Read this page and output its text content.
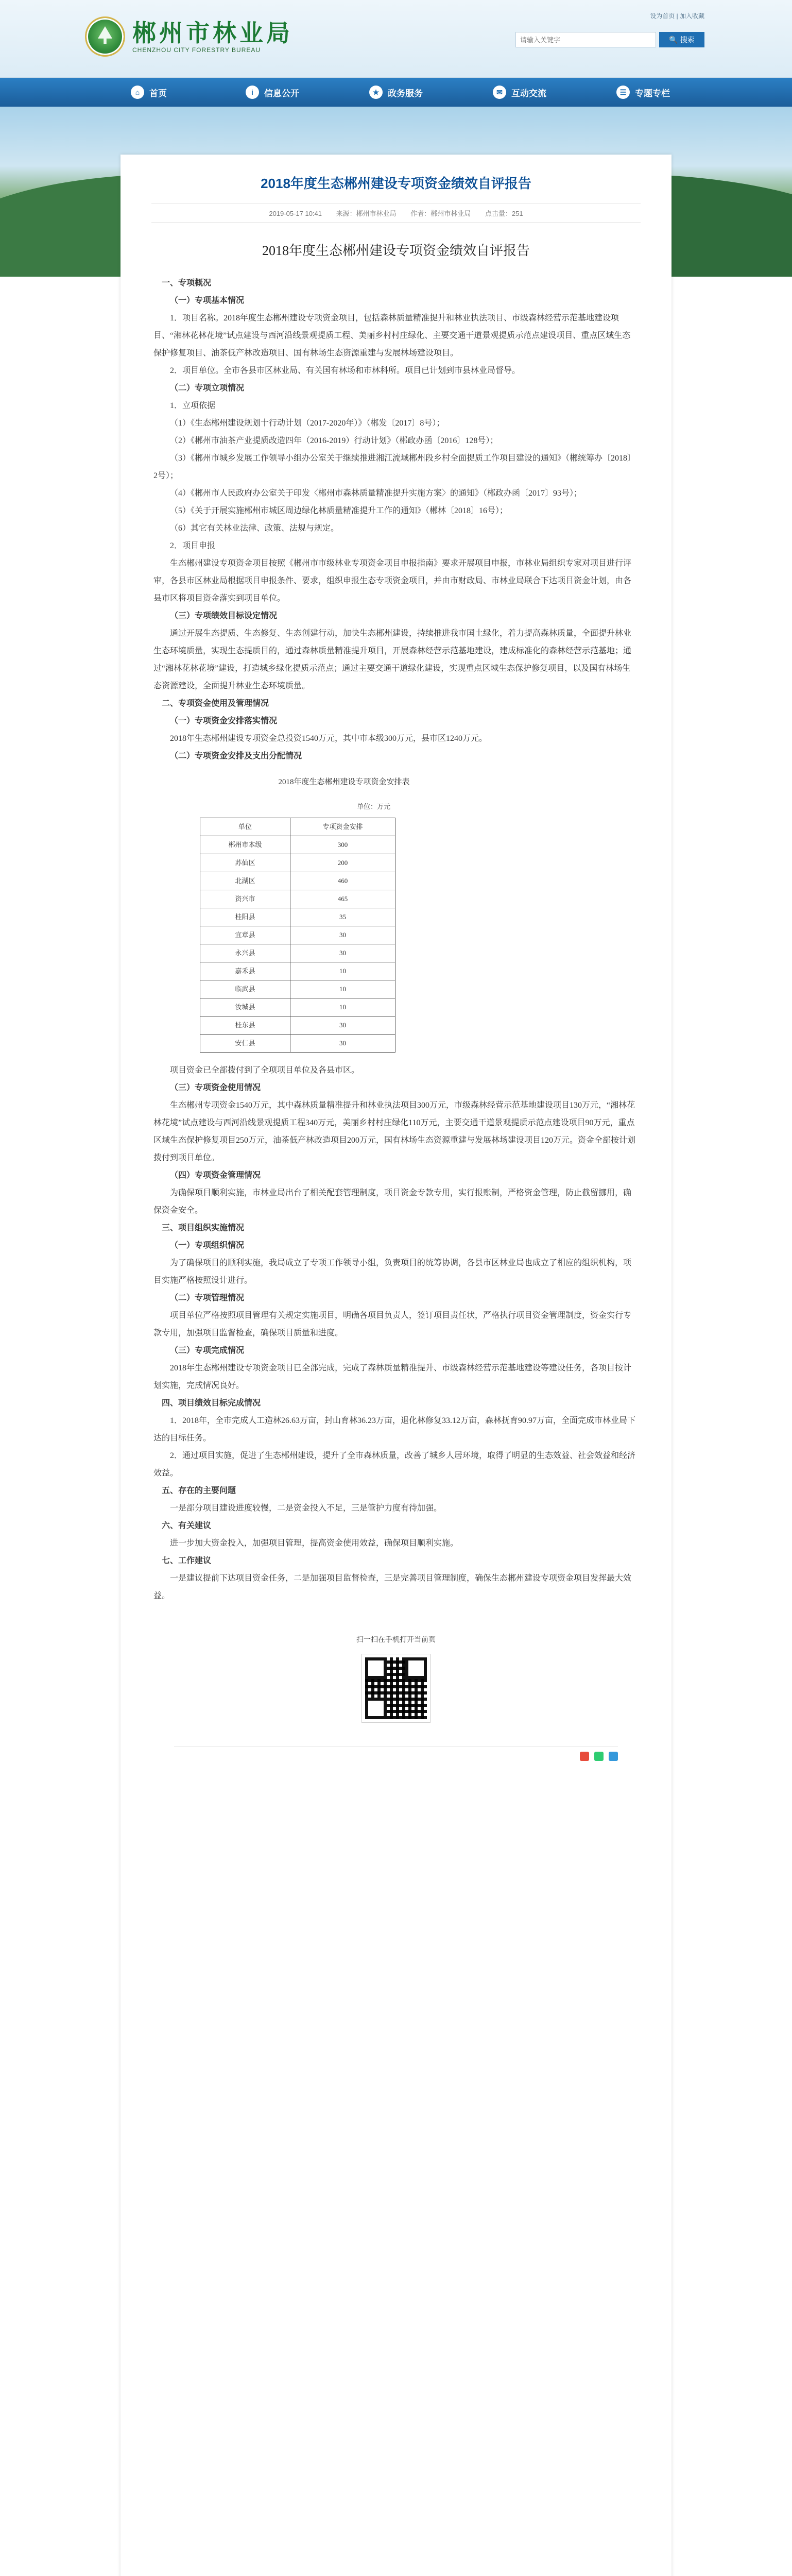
郴州市林业局
CHENZHOU CITY FORESTRY BUREAU
设为首页 | 加入收藏
请输入关键字
🔍 搜索
⌂	首页	i	信息公开	★ 政务服务	✉	互动交流	☰ 专题专栏
2018年度生态郴州建设专项资金绩效自评报告
2019-05-17 10:41 来源：郴州市林业局 作者：郴州市林业局 点击量：251
2018年度生态郴州建设专项资金绩效自评报告

一、专项概况

（一）专项基本情况

1．项目名称。2018年度生态郴州建设专项资金项目，包括森林质量精准提升和林业执法项目、市级森林经营示范基地建设项目、“湘林花林花境”试点建设与西河沿线景观提质工程、美丽乡村村庄绿化、主要交通干道景观提质示范点建设项目、重点区域生态保护修复项目、油茶低产林改造项目、国有林场生态资源重建与发展林场建设项目。

2．项目单位。全市各县市区林业局、有关国有林场和市林科所。项目已计划到市县林业局督导。

（二）专项立项情况

1．立项依据

（1）《生态郴州建设规划十行动计划（2017-2020年）》（郴发〔2017〕8号）；

（2）《郴州市油茶产业提质改造四年（2016-2019）行动计划》（郴政办函〔2016〕128号）；

（3）《郴州市城乡发展工作领导小组办公室关于继续推进湘江流域郴州段乡村全面提质工作项目建设的通知》（郴统筹办〔2018〕2号）；

（4）《郴州市人民政府办公室关于印发〈郴州市森林质量精准提升实施方案〉的通知》（郴政办函〔2017〕93号）；

（5）《关于开展实施郴州市城区周边绿化林质量精准提升工作的通知》（郴林〔2018〕16号）；

（6）其它有关林业法律、政策、法规与规定。

2．项目申报

生态郴州建设专项资金项目按照《郴州市市级林业专项资金项目申报指南》要求开展项目申报，市林业局组织专家对项目进行评审，各县市区林业局根据项目申报条件、要求，组织申报生态专项资金项目，并由市财政局、市林业局联合下达项目资金计划，由各县市区将项目资金落实到项目单位。

（三）专项绩效目标设定情况

通过开展生态提质、生态修复、生态创建行动，加快生态郴州建设，持续推进我市国土绿化，着力提高森林质量，全面提升林业生态环境质量，实现生态提质目的，通过森林质量精准提升项目，开展森林经营示范基地建设，建成标准化的森林经营示范基地；通过“湘林花林花境”建设，打造城乡绿化提质示范点；通过主要交通干道绿化建设，实现重点区域生态保护修复项目，以及国有林场生态资源建设，全面提升林业生态环境质量。

二、专项资金使用及管理情况

（一）专项资金安排落实情况

2018年生态郴州建设专项资金总投资1540万元，其中市本级300万元，县市区1240万元。

（二）专项资金安排及支出分配情况

2018年度生态郴州建设专项资金安排表
单位：万元
单位	专项资金安排
郴州市本级	300
苏仙区	200
北湖区	460
资兴市	465
桂阳县	35
宜章县	30
永兴县	30
嘉禾县	10
临武县	10
汝城县	10
桂东县	30
安仁县	30

项目资金已全部拨付到了全项项目单位及各县市区。

（三）专项资金使用情况

生态郴州专项资金1540万元，其中森林质量精准提升和林业执法项目300万元，市级森林经营示范基地建设项目130万元，“湘林花林花境”试点建设与西河沿线景观提质工程340万元，美丽乡村村庄绿化110万元，主要交通干道景观提质示范点建设项目90万元，重点区域生态保护修复项目250万元，油茶低产林改造项目200万元，国有林场生态资源重建与发展林场建设项目120万元。资金全部按计划拨付到项目单位。

（四）专项资金管理情况

为确保项目顺利实施，市林业局出台了相关配套管理制度，项目资金专款专用，实行报账制，严格资金管理，防止截留挪用，确保资金安全。

三、项目组织实施情况

（一）专项组织情况

为了确保项目的顺利实施，我局成立了专项工作领导小组，负责项目的统筹协调，各县市区林业局也成立了相应的组织机构，项目实施严格按照设计进行。

（二）专项管理情况

项目单位严格按照项目管理有关规定实施项目，明确各项目负责人，签订项目责任状，严格执行项目资金管理制度，资金实行专款专用，加强项目监督检查，确保项目质量和进度。

（三）专项完成情况

2018年生态郴州建设专项资金项目已全部完成，完成了森林质量精准提升、市级森林经营示范基地建设等建设任务，各项目按计划实施，完成情况良好。

四、项目绩效目标完成情况

1．2018年，全市完成人工造林26.63万亩，封山育林36.23万亩，退化林修复33.12万亩，森林抚育90.97万亩，全面完成市林业局下达的目标任务。

2．通过项目实施，促进了生态郴州建设，提升了全市森林质量，改善了城乡人居环境，取得了明显的生态效益、社会效益和经济效益。

五、存在的主要问题

一是部分项目建设进度较慢，二是资金投入不足，三是管护力度有待加强。

六、有关建议

进一步加大资金投入，加强项目管理，提高资金使用效益，确保项目顺利实施。

七、工作建议

一是建议提前下达项目资金任务，二是加强项目监督检查，三是完善项目管理制度，确保生态郴州建设专项资金项目发挥最大效益。

扫一扫在手机打开当前页
